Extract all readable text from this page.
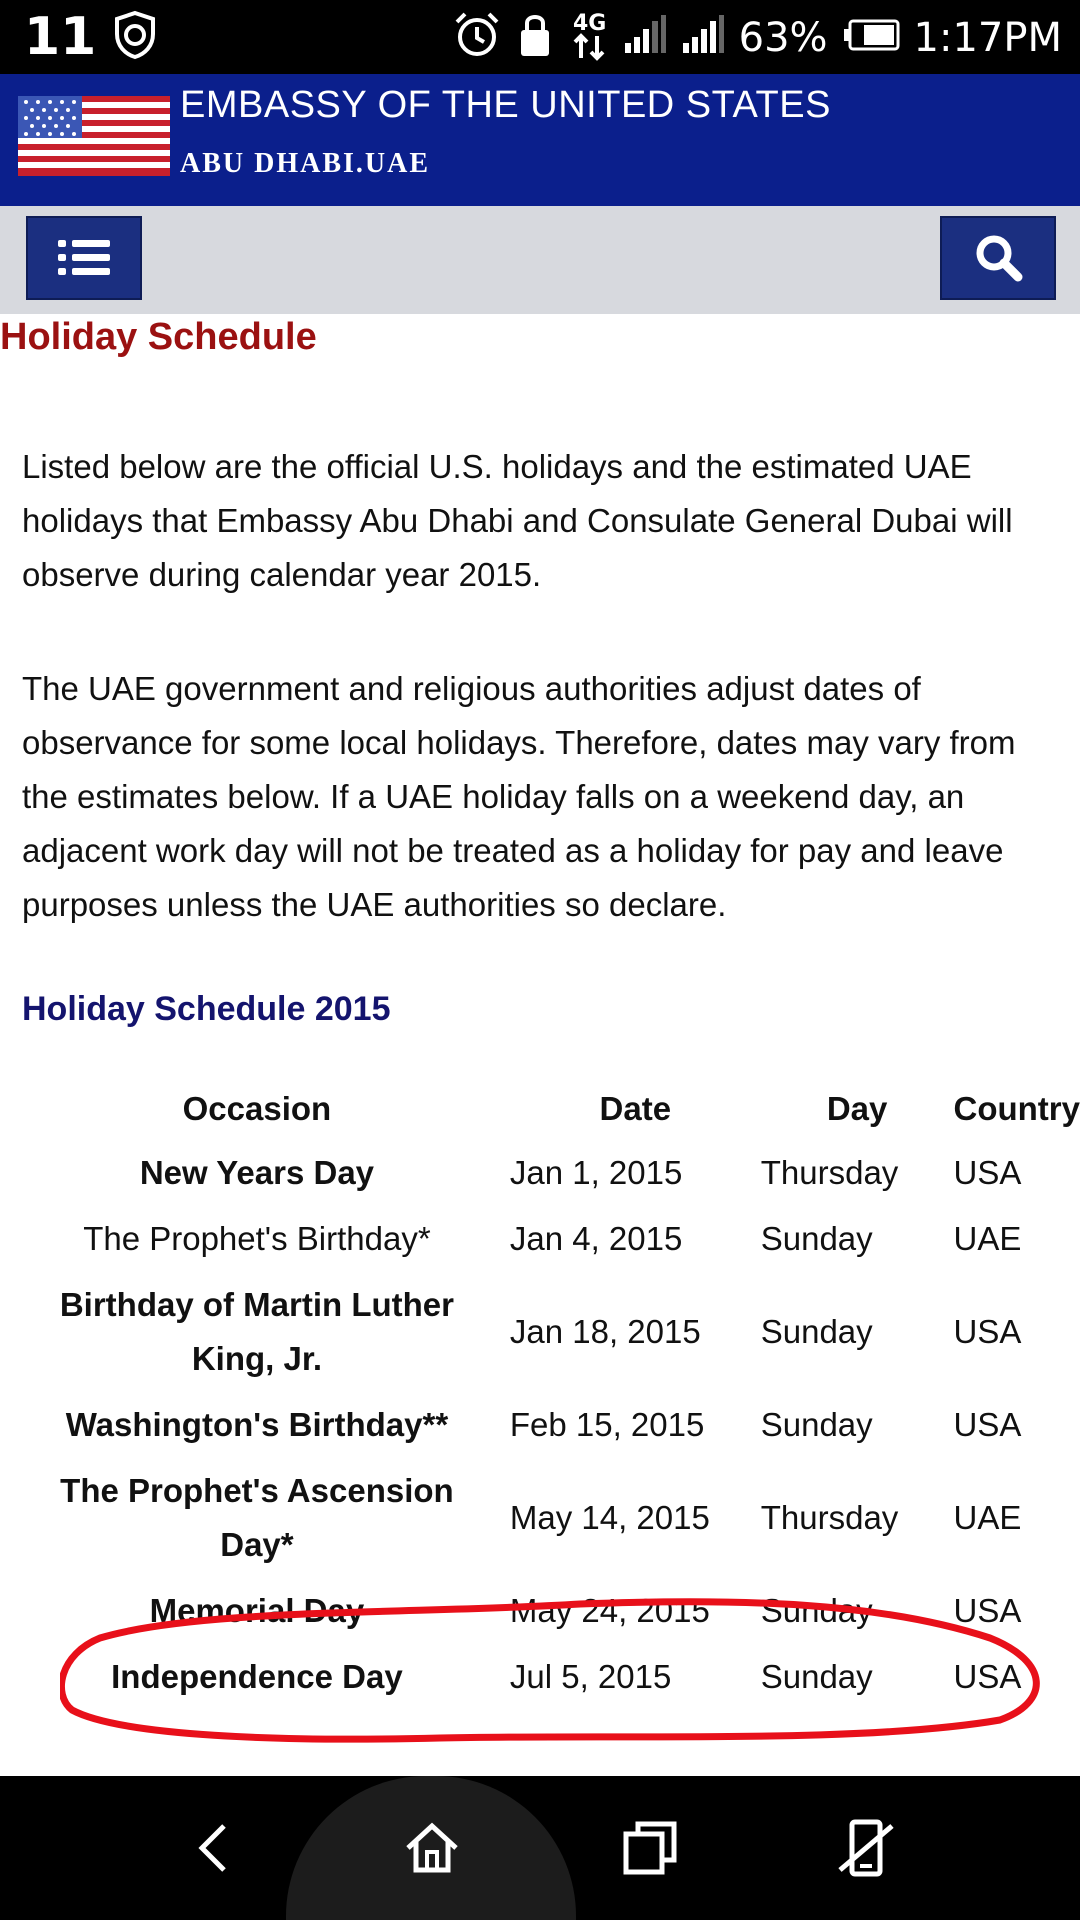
11	4G	63% 1:17PM
EMBASSY OF THE UNITED STATES
ABU DHABI.UAE
Holiday Schedule
Listed below are the official U.S. holidays and the estimated UAE holidays that Embassy Abu Dhabi and Consulate General Dubai will observe during calendar year 2015.
The UAE government and religious authorities adjust dates of observance for some local holidays. Therefore, dates may vary from the estimates below. If a UAE holiday falls on a weekend day, an adjacent work day will not be treated as a holiday for pay and leave purposes unless the UAE authorities so declare.
Holiday Schedule 2015
Occasion	Date	Day	Country
New Years Day	Jan 1, 2015	Thursday	USA
The Prophet's Birthday*	Jan 4, 2015	Sunday	UAE
Birthday of Martin Luther King, Jr.	Jan 18, 2015	Sunday	USA
Washington's Birthday**	Feb 15, 2015	Sunday	USA
The Prophet's Ascension Day*	May 14, 2015	Thursday	UAE
Memorial Day	May 24, 2015	Sunday	USA
Independence Day	Jul 5, 2015	Sunday	USA
